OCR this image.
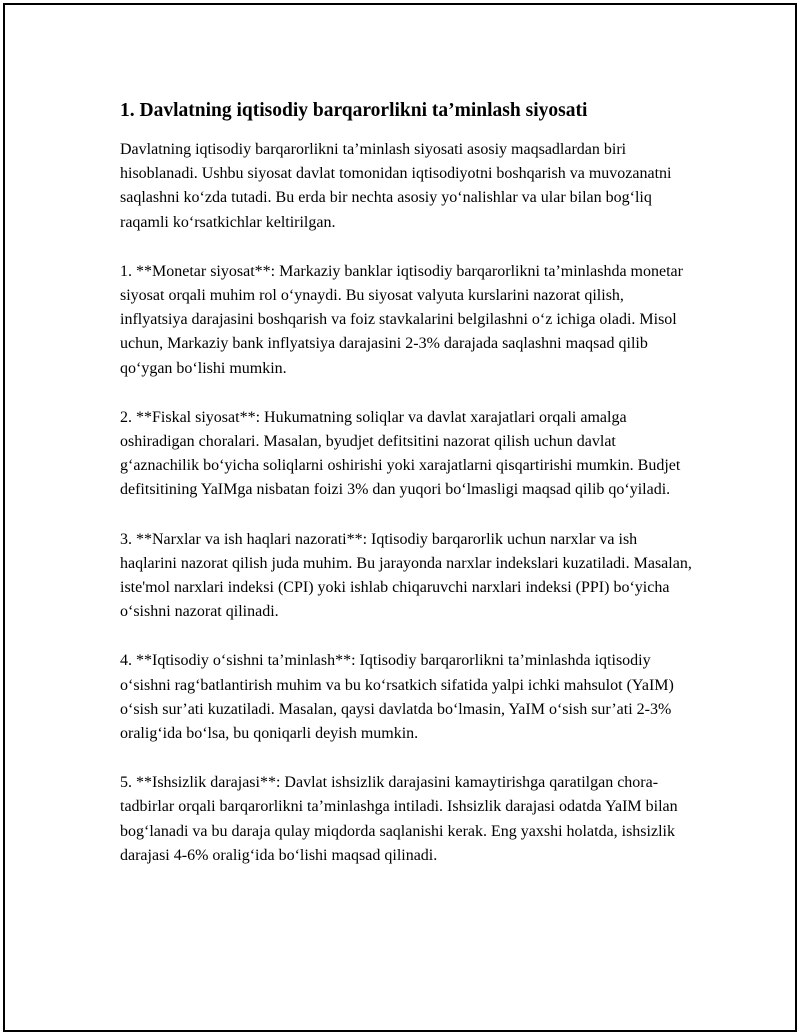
1. Davlatning iqtisodiy barqarorlikni ta’minlash siyosati

Davlatning iqtisodiy barqarorlikni ta’minlash siyosati asosiy maqsadlardan biri hisoblanadi. Ushbu siyosat davlat tomonidan iqtisodiyotni boshqarish va muvozanatni saqlashni ko‘zda tutadi. Bu erda bir nechta asosiy yo‘nalishlar va ular bilan bog‘liq raqamli ko‘rsatkichlar keltirilgan.

1. **Monetar siyosat**: Markaziy banklar iqtisodiy barqarorlikni ta’minlashda monetar siyosat orqali muhim rol o‘ynaydi. Bu siyosat valyuta kurslarini nazorat qilish, inflyatsiya darajasini boshqarish va foiz stavkalarini belgilashni o‘z ichiga oladi. Misol uchun, Markaziy bank inflyatsiya darajasini 2-3% darajada saqlashni maqsad qilib qo‘ygan bo‘lishi mumkin.

2. **Fiskal siyosat**: Hukumatning soliqlar va davlat xarajatlari orqali amalga oshiradigan choralari. Masalan, byudjet defitsitini nazorat qilish uchun davlat g‘aznachilik bo‘yicha soliqlarni oshirishi yoki xarajatlarni qisqartirishi mumkin. Budjet defitsitining YaIMga nisbatan foizi 3% dan yuqori bo‘lmasligi maqsad qilib qo‘yiladi.

3. **Narxlar va ish haqlari nazorati**: Iqtisodiy barqarorlik uchun narxlar va ish haqlarini nazorat qilish juda muhim. Bu jarayonda narxlar indekslari kuzatiladi. Masalan, iste'mol narxlari indeksi (CPI) yoki ishlab chiqaruvchi narxlari indeksi (PPI) bo‘yicha o‘sishni nazorat qilinadi.

4. **Iqtisodiy o‘sishni ta’minlash**: Iqtisodiy barqarorlikni ta’minlashda iqtisodiy o‘sishni rag‘batlantirish muhim va bu ko‘rsatkich sifatida yalpi ichki mahsulot (YaIM) o‘sish sur’ati kuzatiladi. Masalan, qaysi davlatda bo‘lmasin, YaIM o‘sish sur’ati 2-3% oralig‘ida bo‘lsa, bu qoniqarli deyish mumkin.

5. **Ishsizlik darajasi**: Davlat ishsizlik darajasini kamaytirishga qaratilgan chora-tadbirlar orqali barqarorlikni ta’minlashga intiladi. Ishsizlik darajasi odatda YaIM bilan bog‘lanadi va bu daraja qulay miqdorda saqlanishi kerak. Eng yaxshi holatda, ishsizlik darajasi 4-6% oralig‘ida bo‘lishi maqsad qilinadi.
